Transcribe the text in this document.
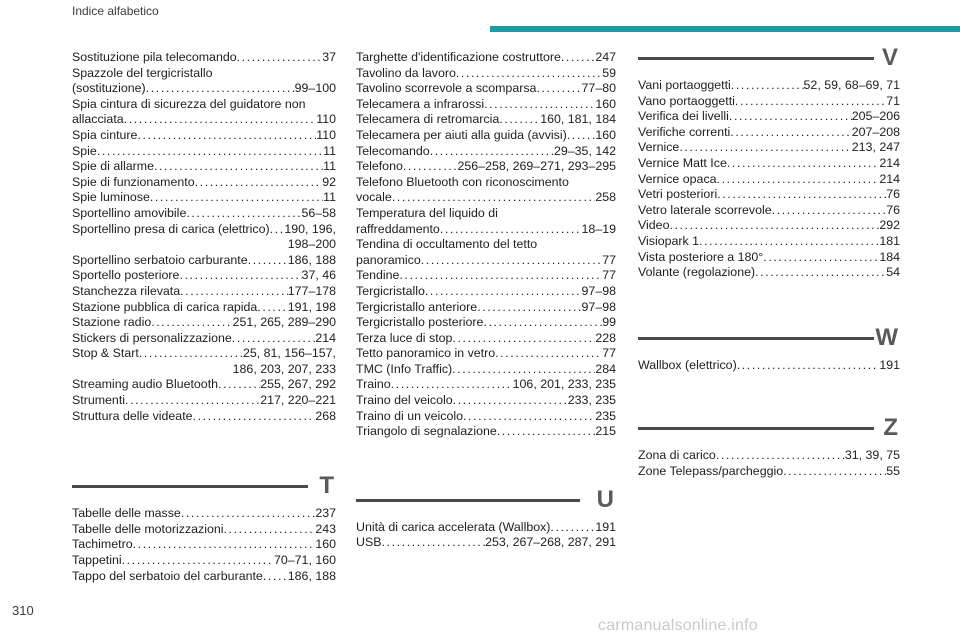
Indice alfabetico
Sostituzione pila telecomando .....	37
Spazzole del tergicristallo
(sostituzione) .....	99–100
Spia cintura di sicurezza del guidatore non
allacciata .....	110
Spia cinture .....	110
Spie .....	11
Spie di allarme .....	11
Spie di funzionamento .....	92
Spie luminose .....	11
Sportellino amovibile .....	56–58
Sportellino presa di carica (elettrico) ..... 190, 196,
198–200
Sportellino serbatoio carburante .....	186, 188
Sportello posteriore .....	37, 46
Stanchezza rilevata .....	177–178
Stazione pubblica di carica rapida ..... 191, 198
Stazione radio .....	251, 265, 289–290
Stickers di personalizzazione .....	214
Stop & Start .....	25, 81, 156–157,
186, 203, 207, 233
Streaming audio Bluetooth .....	255, 267, 292
Strumenti .....	217, 220–221
Struttura delle videate .....	268
T
Tabelle delle masse .....	237
Tabelle delle motorizzazioni .....	243
Tachimetro .....	160
Tappetini .....	70–71, 160
Tappo del serbatoio del carburante ..... 186, 188
Targhette d'identificazione costruttore .....	247
Tavolino da lavoro .....	59
Tavolino scorrevole a scomparsa .....	77–80
Telecamera a infrarossi .....	160
Telecamera di retromarcia .....	160, 181, 184
Telecamera per aiuti alla guida (avvisi) ..... 160
Telecomando .....	29–35, 142
Telefono .....	256–258, 269–271, 293–295
Telefono Bluetooth con riconoscimento
vocale .....	258
Temperatura del liquido di
raffreddamento .....	18–19
Tendina di occultamento del tetto
panoramico .....	77
Tendine .....	77
Tergicristallo .....	97–98
Tergicristallo anteriore .....	97–98
Tergicristallo posteriore .....	99
Terza luce di stop .....	228
Tetto panoramico in vetro .....	77
TMC (Info Traffic) .....	284
Traino .....	106, 201, 233, 235
Traino del veicolo .....	233, 235
Traino di un veicolo .....	235
Triangolo di segnalazione .....	215
U
Unità di carica accelerata (Wallbox) .....	191
USB .....	253, 267–268, 287, 291
V
Vani portaoggetti .....	52, 59, 68–69, 71
Vano portaoggetti .....	71
Verifica dei livelli .....	205–206
Verifiche correnti .....	207–208
Vernice .....	213, 247
Vernice Matt Ice .....	214
Vernice opaca .....	214
Vetri posteriori .....	76
Vetro laterale scorrevole .....	76
Video .....	292
Visiopark 1 .....	181
Vista posteriore a 180° .....	184
Volante (regolazione) .....	54
W
Wallbox (elettrico) .....	191
Z
Zona di carico .....	31, 39, 75
Zone Telepass/parcheggio .....	55
310
carmanualsonline.info
